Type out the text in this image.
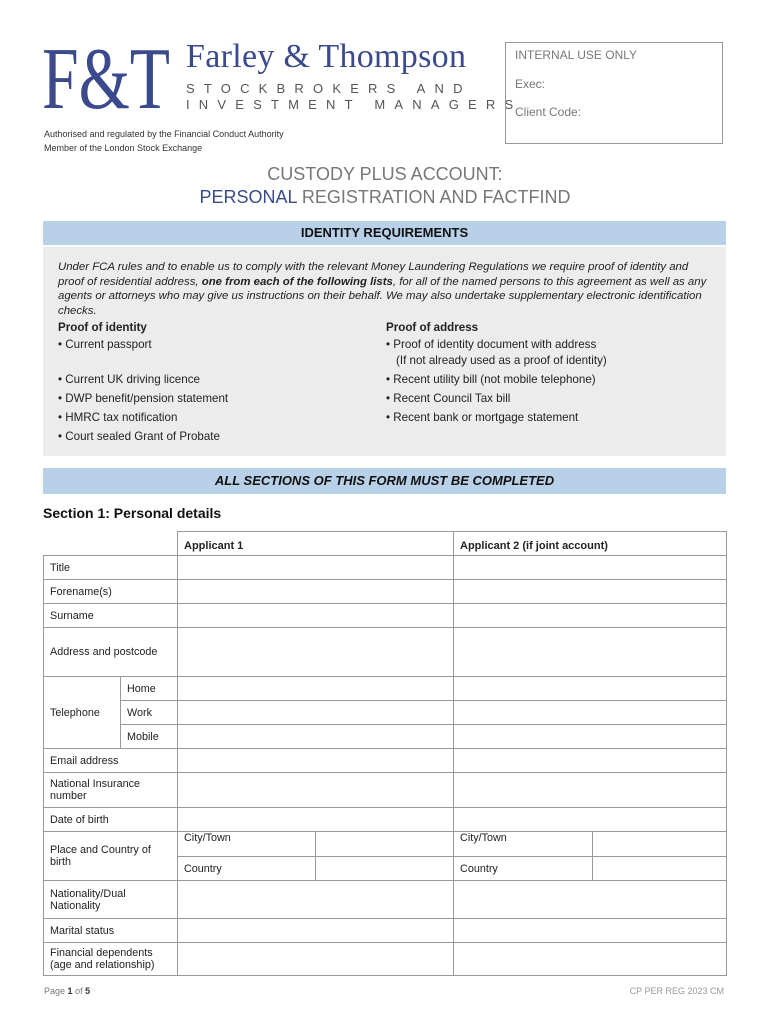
F&T Farley & Thompson
STOCKBROKERS AND
INVESTMENT MANAGERS
Authorised and regulated by the Financial Conduct Authority
Member of the London Stock Exchange
INTERNAL USE ONLY
Exec:
Client Code:
CUSTODY PLUS ACCOUNT:
PERSONAL REGISTRATION AND FACTFIND
IDENTITY REQUIREMENTS
Under FCA rules and to enable us to comply with the relevant Money Laundering Regulations we require proof of identity and proof of residential address, one from each of the following lists, for all of the named persons to this agreement as well as any agents or attorneys who may give us instructions on their behalf. We may also undertake supplementary electronic identification checks.
Proof of identity
• Current passport
• Current UK driving licence
• DWP benefit/pension statement
• HMRC tax notification
• Court sealed Grant of Probate
Proof of address
• Proof of identity document with address
(If not already used as a proof of identity)
• Recent utility bill (not mobile telephone)
• Recent Council Tax bill
• Recent bank or mortgage statement
ALL SECTIONS OF THIS FORM MUST BE COMPLETED
Section 1: Personal details
		Applicant 1		Applicant 2 (if joint account)	
Title					
Forename(s)					
Surname					
Address and postcode					
Telephone	Home				
	Work				
	Mobile				
Email address					
National Insurance
number					
Date of birth					
Place and Country of
birth		City/Town		City/Town	
		Country		Country	
Nationality/Dual
Nationality					
Marital status					
Financial dependents
(age and relationship)					
Page 1 of 5	CP PER REG 2023 CM
